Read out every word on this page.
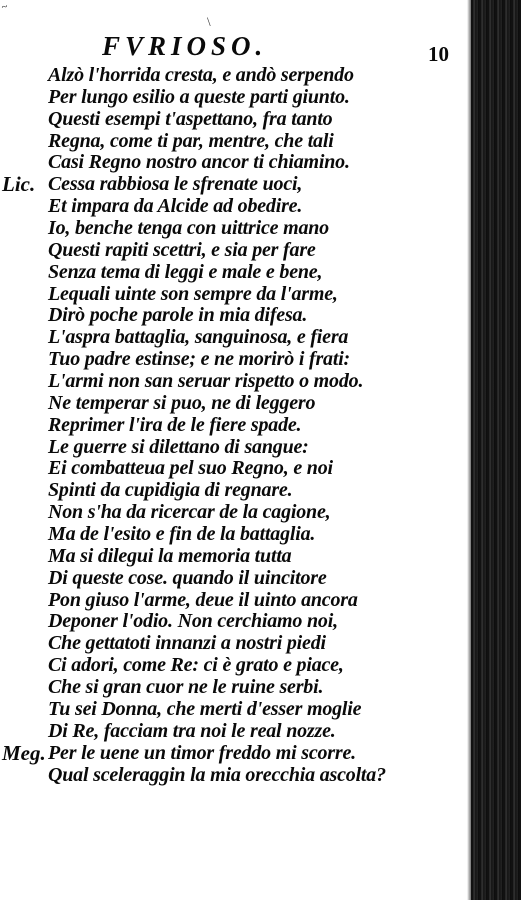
~
\
FVRIOSO.	10
Alzò l'horrida cresta, e andò serpendo
Per lungo esilio a queste parti giunto.
Questi esempi t'aspettano, fra tanto
Regna, come ti par, mentre, che tali
Casi Regno nostro ancor ti chiamino.
Lic. Cessa rabbiosa le sfrenate uoci,
Et impara da Alcide ad obedire.
Io, benche tenga con uittrice mano
Questi rapiti scettri, e sia per fare
Senza tema di leggi e male e bene,
Lequali uinte son sempre da l'arme,
Dirò poche parole in mia difesa.
L'aspra battaglia, sanguinosa, e fiera
Tuo padre estinse; e ne morirò i frati:
L'armi non san seruar rispetto o modo.
Ne temperar si puo, ne di leggero
Reprimer l'ira de le fiere spade.
Le guerre si dilettano di sangue:
Ei combatteua pel suo Regno, e noi
Spinti da cupidigia di regnare.
Non s'ha da ricercar de la cagione,
Ma de l'esito e fin de la battaglia.
Ma si dilegui la memoria tutta
Di queste cose. quando il uincitore
Pon giuso l'arme, deue il uinto ancora
Deponer l'odio. Non cerchiamo noi,
Che gettatoti innanzi a nostri piedi
Ci adori, come Re: ci è grato e piace,
Che si gran cuor ne le ruine serbi.
Tu sei Donna, che merti d'esser moglie
Di Re, facciam tra noi le real nozze.
Meg. Per le uene un timor freddo mi scorre.
Qual sceleraggin la mia orecchia ascolta?
